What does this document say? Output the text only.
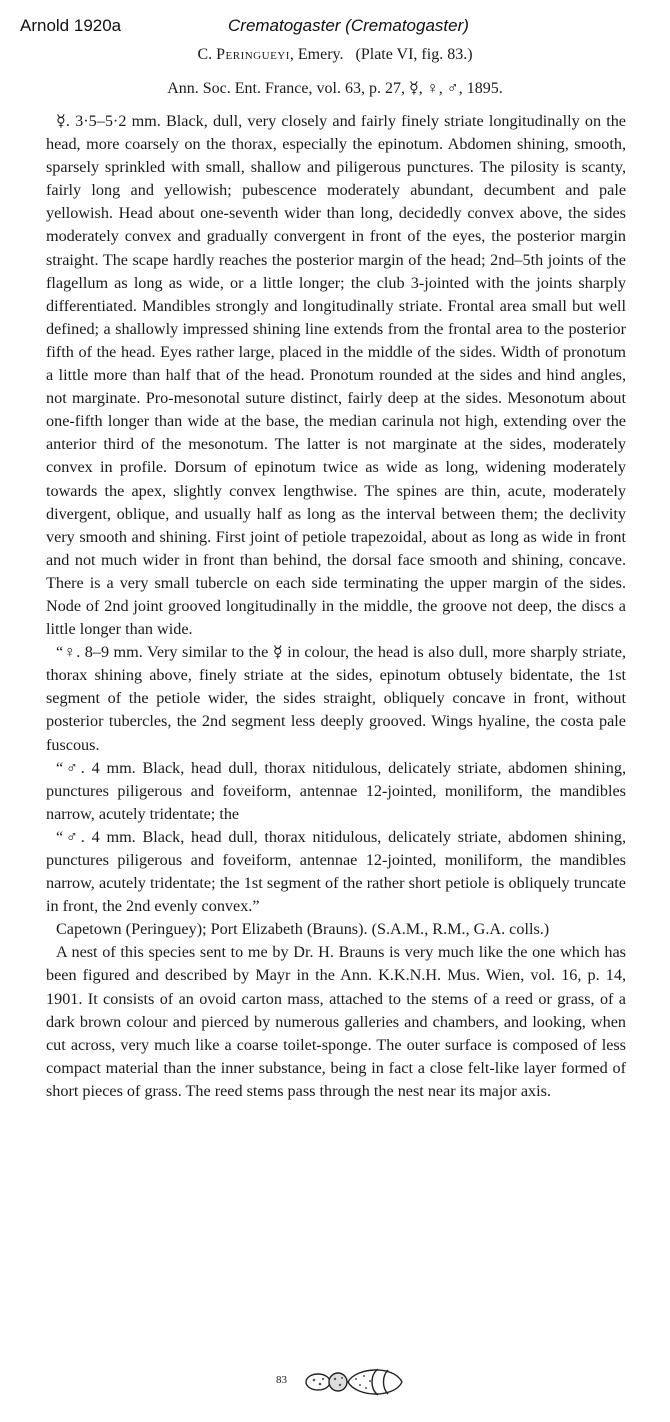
Arnold 1920a	Crematogaster (Crematogaster)
C. Peringueyi, Emery. (Plate VI, fig. 83.)
Ann. Soc. Ent. France, vol. 63, p. 27, ☿, ♀, ♂, 1895.

☿. 3·5–5·2 mm. Black, dull, very closely and fairly finely striate longitudinally on the head, more coarsely on the thorax, especially the epinotum. Abdomen shining, smooth, sparsely sprinkled with small, shallow and piligerous punctures. The pilosity is scanty, fairly long and yellowish; pubescence moderately abundant, decumbent and pale yellowish. Head about one-seventh wider than long, decidedly convex above, the sides moderately convex and gradually convergent in front of the eyes, the posterior margin straight. The scape hardly reaches the posterior margin of the head; 2nd–5th joints of the flagellum as long as wide, or a little longer; the club 3-jointed with the joints sharply differentiated. Mandibles strongly and longitudinally striate. Frontal area small but well defined; a shallowly impressed shining line extends from the frontal area to the posterior fifth of the head. Eyes rather large, placed in the middle of the sides. Width of pronotum a little more than half that of the head. Pronotum rounded at the sides and hind angles, not marginate. Pro-mesonotal suture distinct, fairly deep at the sides. Mesonotum about one-fifth longer than wide at the base, the median carinula not high, extending over the anterior third of the mesonotum. The latter is not marginate at the sides, moderately convex in profile. Dorsum of epinotum twice as wide as long, widening moderately towards the apex, slightly convex lengthwise. The spines are thin, acute, moderately divergent, oblique, and usually half as long as the interval between them; the declivity very smooth and shining. First joint of petiole trapezoidal, about as long as wide in front and not much wider in front than behind, the dorsal face smooth and shining, concave. There is a very small tubercle on each side terminating the upper margin of the sides. Node of 2nd joint grooved longitudinally in the middle, the groove not deep, the discs a little longer than wide.

“♀. 8–9 mm. Very similar to the ☿ in colour, the head is also dull, more sharply striate, thorax shining above, finely striate at the sides, epinotum obtusely bidentate, the 1st segment of the petiole wider, the sides straight, obliquely concave in front, without posterior tubercles, the 2nd segment less deeply grooved. Wings hyaline, the costa pale fuscous.

“♂. 4 mm. Black, head dull, thorax nitidulous, delicately striate, abdomen shining, punctures piligerous and foveiform, antennae 12-jointed, moniliform, the mandibles narrow, acutely tridentate; the

“♂. 4 mm. Black, head dull, thorax nitidulous, delicately striate, abdomen shining, punctures piligerous and foveiform, antennae 12-jointed, moniliform, the mandibles narrow, acutely tridentate; the 1st segment of the rather short petiole is obliquely truncate in front, the 2nd evenly convex.”

Capetown (Peringuey); Port Elizabeth (Brauns). (S.A.M., R.M., G.A. colls.)

A nest of this species sent to me by Dr. H. Brauns is very much like the one which has been figured and described by Mayr in the Ann. K.K.N.H. Mus. Wien, vol. 16, p. 14, 1901. It consists of an ovoid carton mass, attached to the stems of a reed or grass, of a dark brown colour and pierced by numerous galleries and chambers, and looking, when cut across, very much like a coarse toilet-sponge. The outer surface is composed of less compact material than the inner substance, being in fact a close felt-like layer formed of short pieces of grass. The reed stems pass through the nest near its major axis.

83
